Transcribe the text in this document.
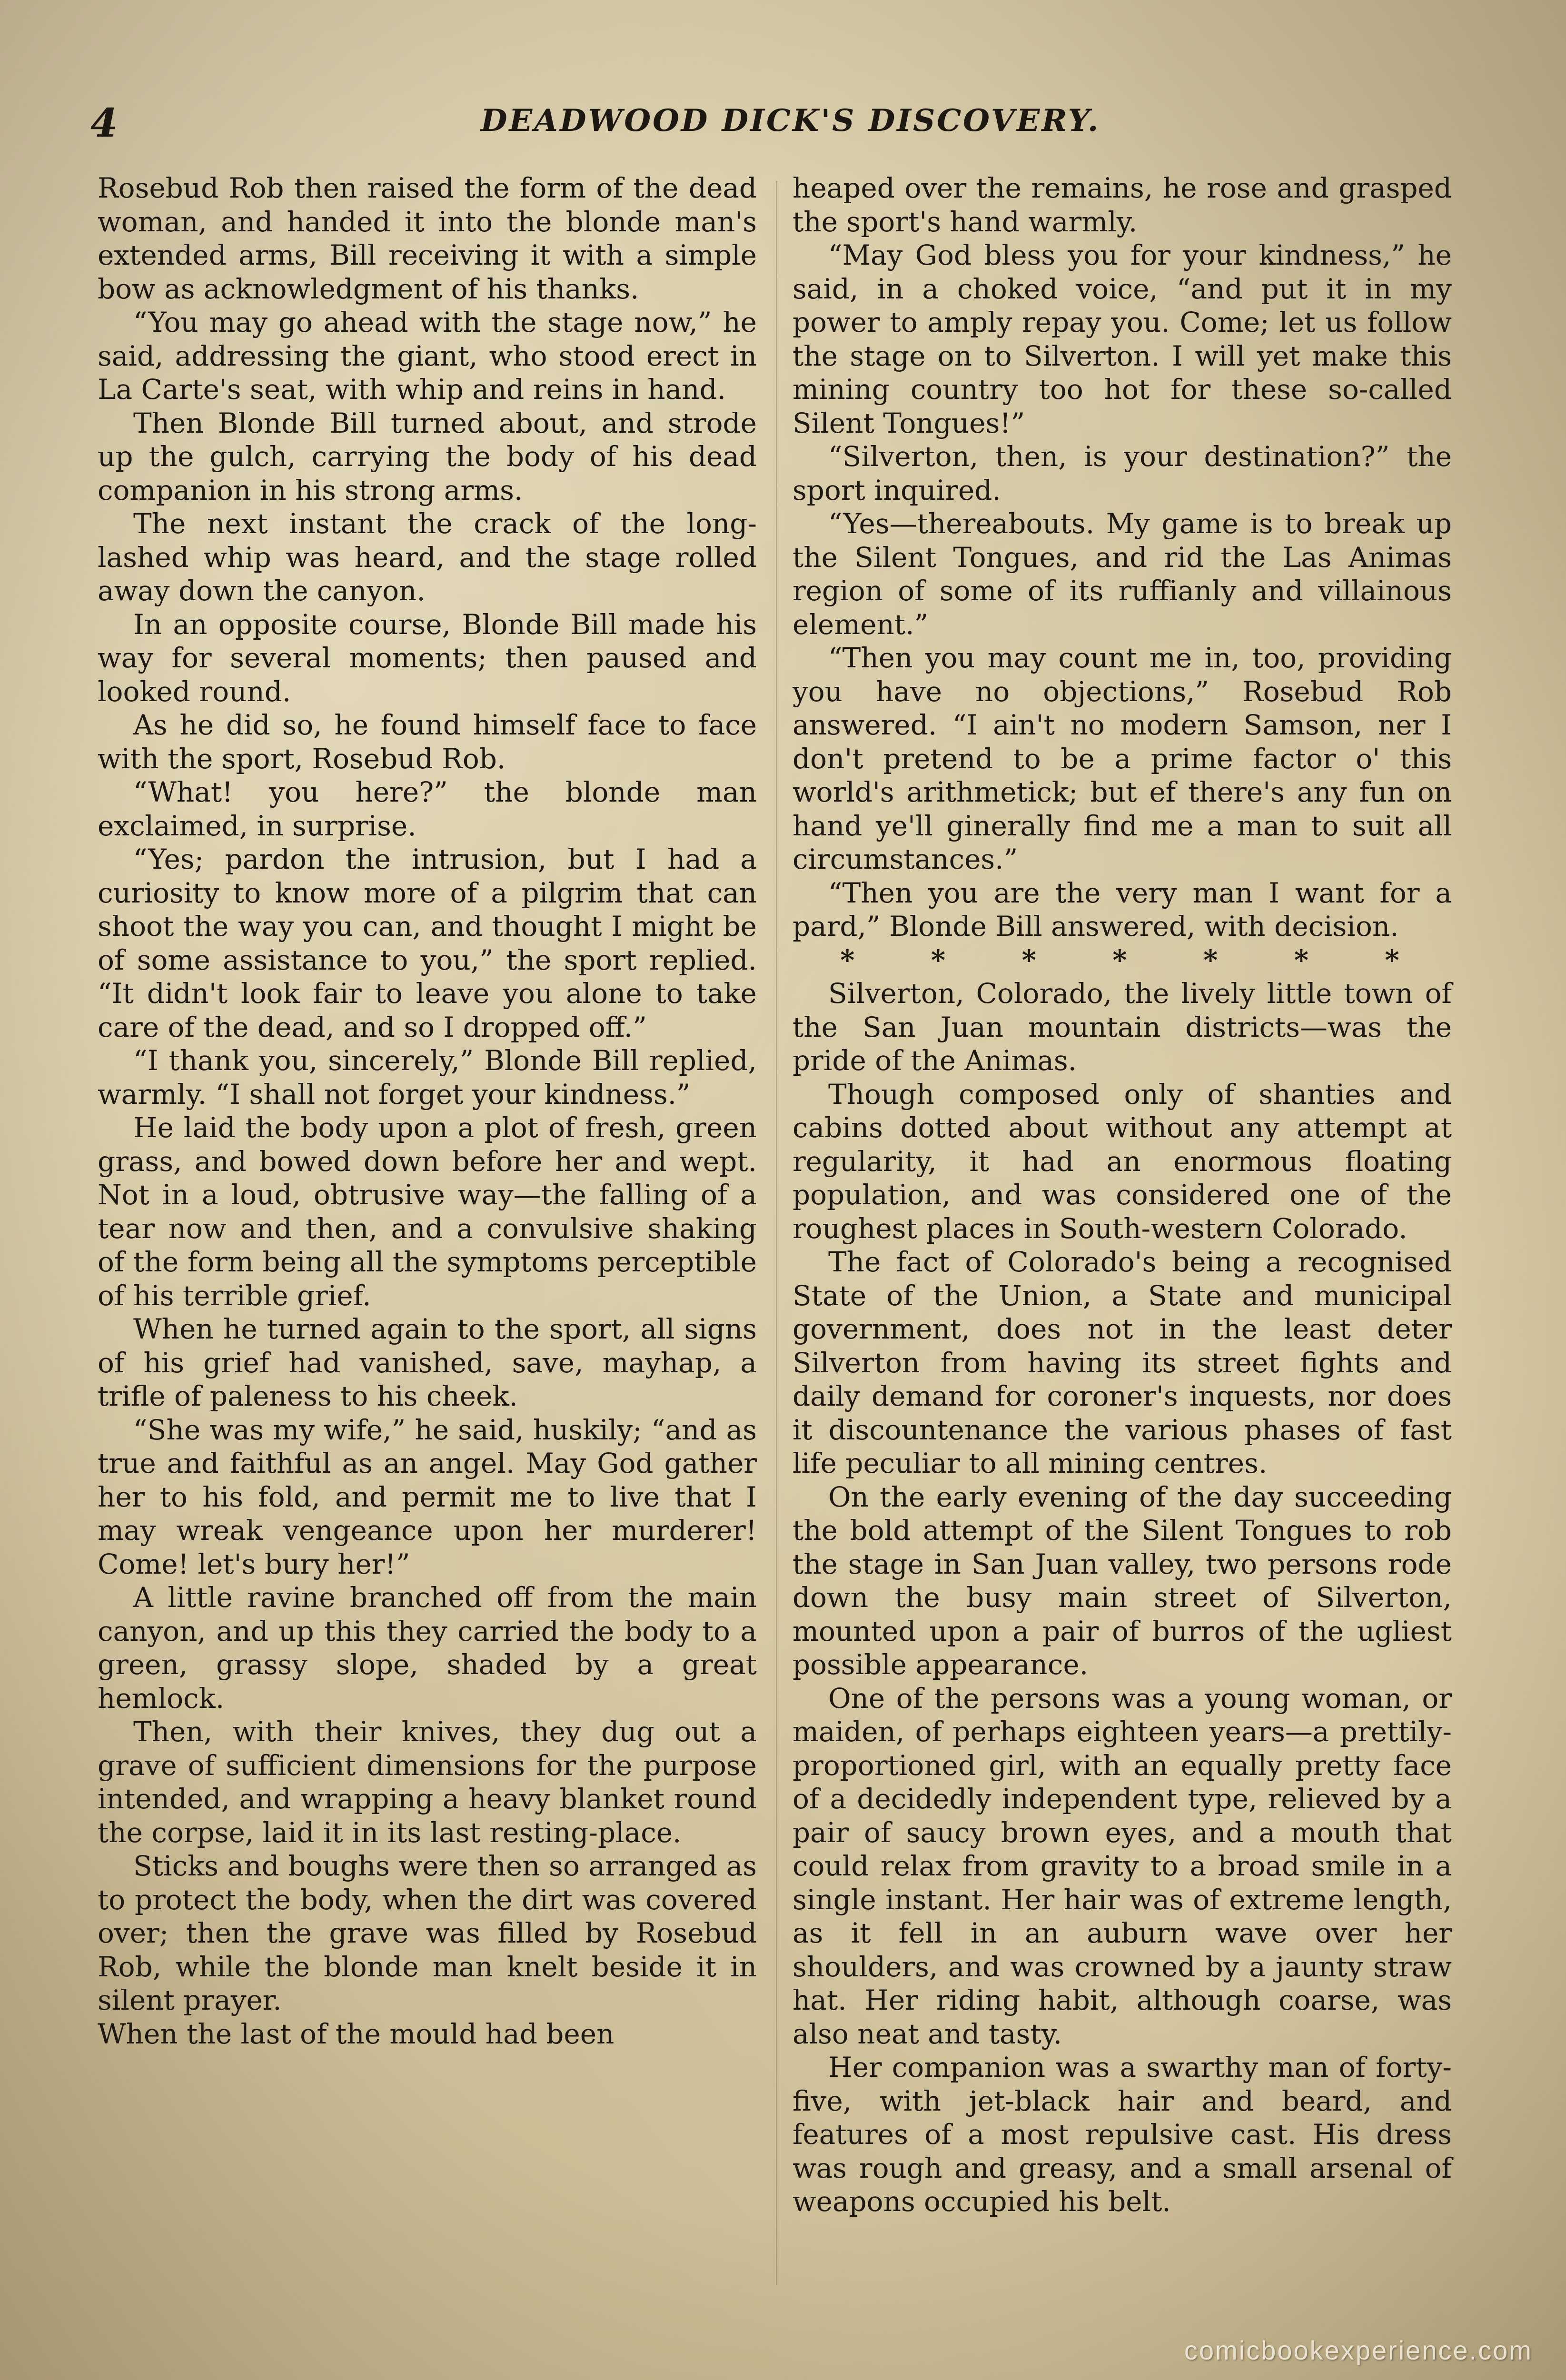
4	DEADWOOD DICK'S DISCOVERY.

Rosebud Rob then raised the form of the dead woman, and handed it into the blonde man's extended arms, Bill receiving it with a simple bow as acknowledgment of his thanks.

“You may go ahead with the stage now,” he said, addressing the giant, who stood erect in La Carte's seat, with whip and reins in hand.

Then Blonde Bill turned about, and strode up the gulch, carrying the body of his dead companion in his strong arms.

The next instant the crack of the long-lashed whip was heard, and the stage rolled away down the canyon.

In an opposite course, Blonde Bill made his way for several moments; then paused and looked round.

As he did so, he found himself face to face with the sport, Rosebud Rob.

“What! you here?” the blonde man exclaimed, in surprise.

“Yes; pardon the intrusion, but I had a curiosity to know more of a pilgrim that can shoot the way you can, and thought I might be of some assistance to you,” the sport replied. “It didn't look fair to leave you alone to take care of the dead, and so I dropped off.”

“I thank you, sincerely,” Blonde Bill replied, warmly. “I shall not forget your kindness.”

He laid the body upon a plot of fresh, green grass, and bowed down before her and wept. Not in a loud, obtrusive way—the falling of a tear now and then, and a convulsive shaking of the form being all the symptoms perceptible of his terrible grief.

When he turned again to the sport, all signs of his grief had vanished, save, mayhap, a trifle of paleness to his cheek.

“She was my wife,” he said, huskily; “and as true and faithful as an angel. May God gather her to his fold, and permit me to live that I may wreak vengeance upon her murderer! Come! let's bury her!”

A little ravine branched off from the main canyon, and up this they carried the body to a green, grassy slope, shaded by a great hemlock.

Then, with their knives, they dug out a grave of sufficient dimensions for the purpose intended, and wrapping a heavy blanket round the corpse, laid it in its last resting-place.

Sticks and boughs were then so arranged as to protect the body, when the dirt was covered over; then the grave was filled by Rosebud Rob, while the blonde man knelt beside it in silent prayer.

When the last of the mould had been

heaped over the remains, he rose and grasped the sport's hand warmly.

“May God bless you for your kindness,” he said, in a choked voice, “and put it in my power to amply repay you. Come; let us follow the stage on to Silverton. I will yet make this mining country too hot for these so-called Silent Tongues!”

“Silverton, then, is your destination?” the sport inquired.

“Yes—thereabouts. My game is to break up the Silent Tongues, and rid the Las Animas region of some of its ruffianly and villainous element.”

“Then you may count me in, too, providing you have no objections,” Rosebud Rob answered. “I ain't no modern Samson, ner I don't pretend to be a prime factor o' this world's arithmetick; but ef there's any fun on hand ye'll ginerally find me a man to suit all circumstances.”

“Then you are the very man I want for a pard,” Blonde Bill answered, with decision.

*	*	*	*	*	*	*

Silverton, Colorado, the lively little town of the San Juan mountain districts—was the pride of the Animas.

Though composed only of shanties and cabins dotted about without any attempt at regularity, it had an enormous floating population, and was considered one of the roughest places in South-western Colorado.

The fact of Colorado's being a recognised State of the Union, a State and municipal government, does not in the least deter Silverton from having its street fights and daily demand for coroner's inquests, nor does it discountenance the various phases of fast life peculiar to all mining centres.

On the early evening of the day succeeding the bold attempt of the Silent Tongues to rob the stage in San Juan valley, two persons rode down the busy main street of Silverton, mounted upon a pair of burros of the ugliest possible appearance.

One of the persons was a young woman, or maiden, of perhaps eighteen years—a prettily-proportioned girl, with an equally pretty face of a decidedly independent type, relieved by a pair of saucy brown eyes, and a mouth that could relax from gravity to a broad smile in a single instant. Her hair was of extreme length, as it fell in an auburn wave over her shoulders, and was crowned by a jaunty straw hat. Her riding habit, although coarse, was also neat and tasty.

Her companion was a swarthy man of forty-five, with jet-black hair and beard, and features of a most repulsive cast. His dress was rough and greasy, and a small arsenal of weapons occupied his belt.

comicbookexperience.com
